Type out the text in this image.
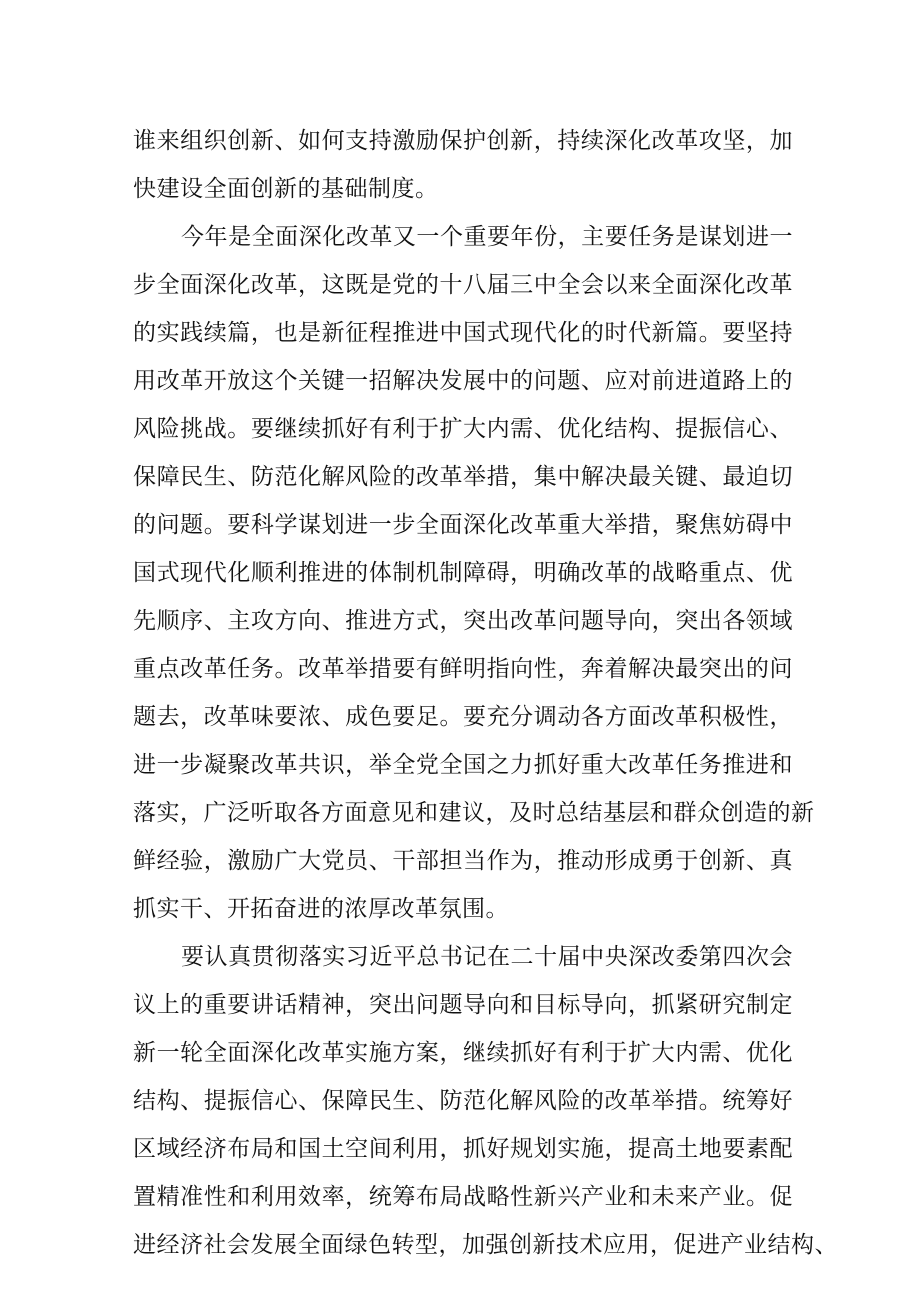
谁来组织创新、如何支持激励保护创新，持续深化改革攻坚，加
快建设全面创新的基础制度。
今年是全面深化改革又一个重要年份，主要任务是谋划进一
步全面深化改革，这既是党的十八届三中全会以来全面深化改革
的实践续篇，也是新征程推进中国式现代化的时代新篇。要坚持
用改革开放这个关键一招解决发展中的问题、应对前进道路上的
风险挑战。要继续抓好有利于扩大内需、优化结构、提振信心、
保障民生、防范化解风险的改革举措，集中解决最关键、最迫切
的问题。要科学谋划进一步全面深化改革重大举措，聚焦妨碍中
国式现代化顺利推进的体制机制障碍，明确改革的战略重点、优
先顺序、主攻方向、推进方式，突出改革问题导向，突出各领域
重点改革任务。改革举措要有鲜明指向性，奔着解决最突出的问
题去，改革味要浓、成色要足。要充分调动各方面改革积极性，
进一步凝聚改革共识，举全党全国之力抓好重大改革任务推进和
落实，广泛听取各方面意见和建议，及时总结基层和群众创造的新
鲜经验，激励广大党员、干部担当作为，推动形成勇于创新、真
抓实干、开拓奋进的浓厚改革氛围。
要认真贯彻落实习近平总书记在二十届中央深改委第四次会
议上的重要讲话精神，突出问题导向和目标导向，抓紧研究制定
新一轮全面深化改革实施方案，继续抓好有利于扩大内需、优化
结构、提振信心、保障民生、防范化解风险的改革举措。统筹好
区域经济布局和国土空间利用，抓好规划实施，提高土地要素配
置精准性和利用效率，统筹布局战略性新兴产业和未来产业。促
进经济社会发展全面绿色转型，加强创新技术应用，促进产业结构、
